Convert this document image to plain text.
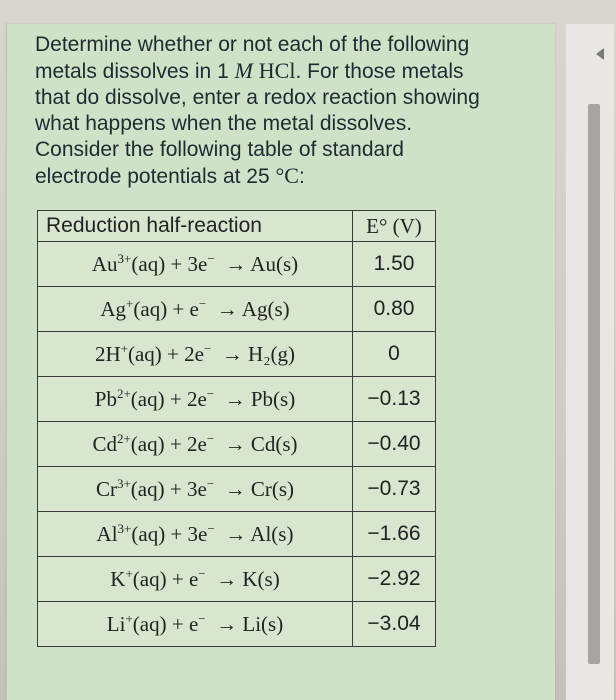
Determine whether or not each of the following
metals dissolves in 1 M HCl. For those metals
that do dissolve, enter a redox reaction showing
what happens when the metal dissolves.
Consider the following table of standard
electrode potentials at 25 °C:
Reduction half-reaction	E° (V)
$Au^{3+}(aq) + 3e^- \to Au(s)$	1.50
Ag+(aq) + e−  → Ag(s)	0.80
2H+(aq) + 2e−  → H₂(g)	0
$Pb^{2+}(aq) + 2e^- \to Pb(s)$	−0.13
$Cd^{2+}(aq) + 2e^- \to Cd(s)$	−0.40
$Cr^{3+}(aq) + 3e^- \to Cr(s)$	−0.73
$Al^{3+}(aq) + 3e^- \to Al(s)$	−1.66
K+(aq) + e−  → K(s)	−2.92
Li+(aq) + e−  → Li(s)	−3.04
